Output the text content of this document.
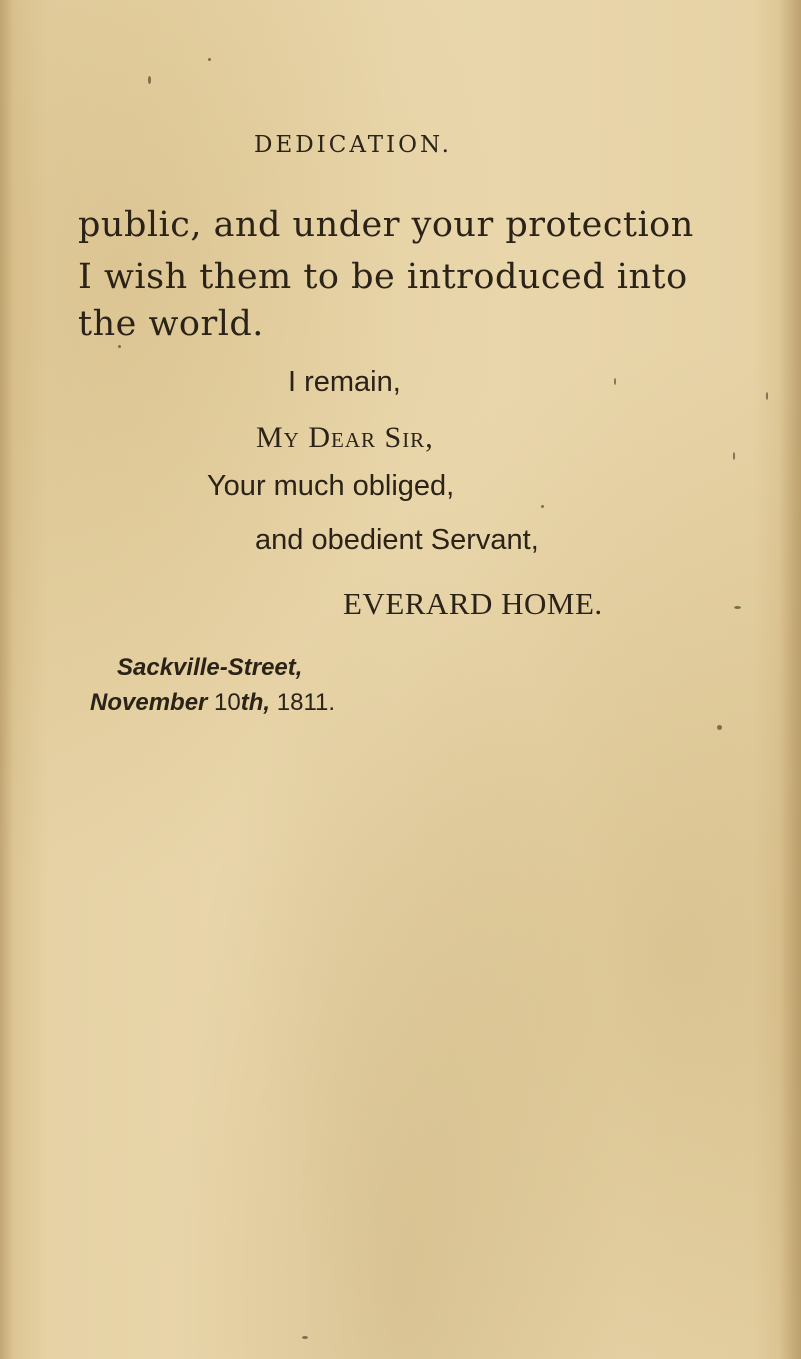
DEDICATION.
public, and under your protection
I wish them to be introduced into
the world.
I remain,
My Dear Sir,
Your much obliged,
and obedient Servant,
EVERARD HOME.
Sackville-Street,
November 10th, 1811.
